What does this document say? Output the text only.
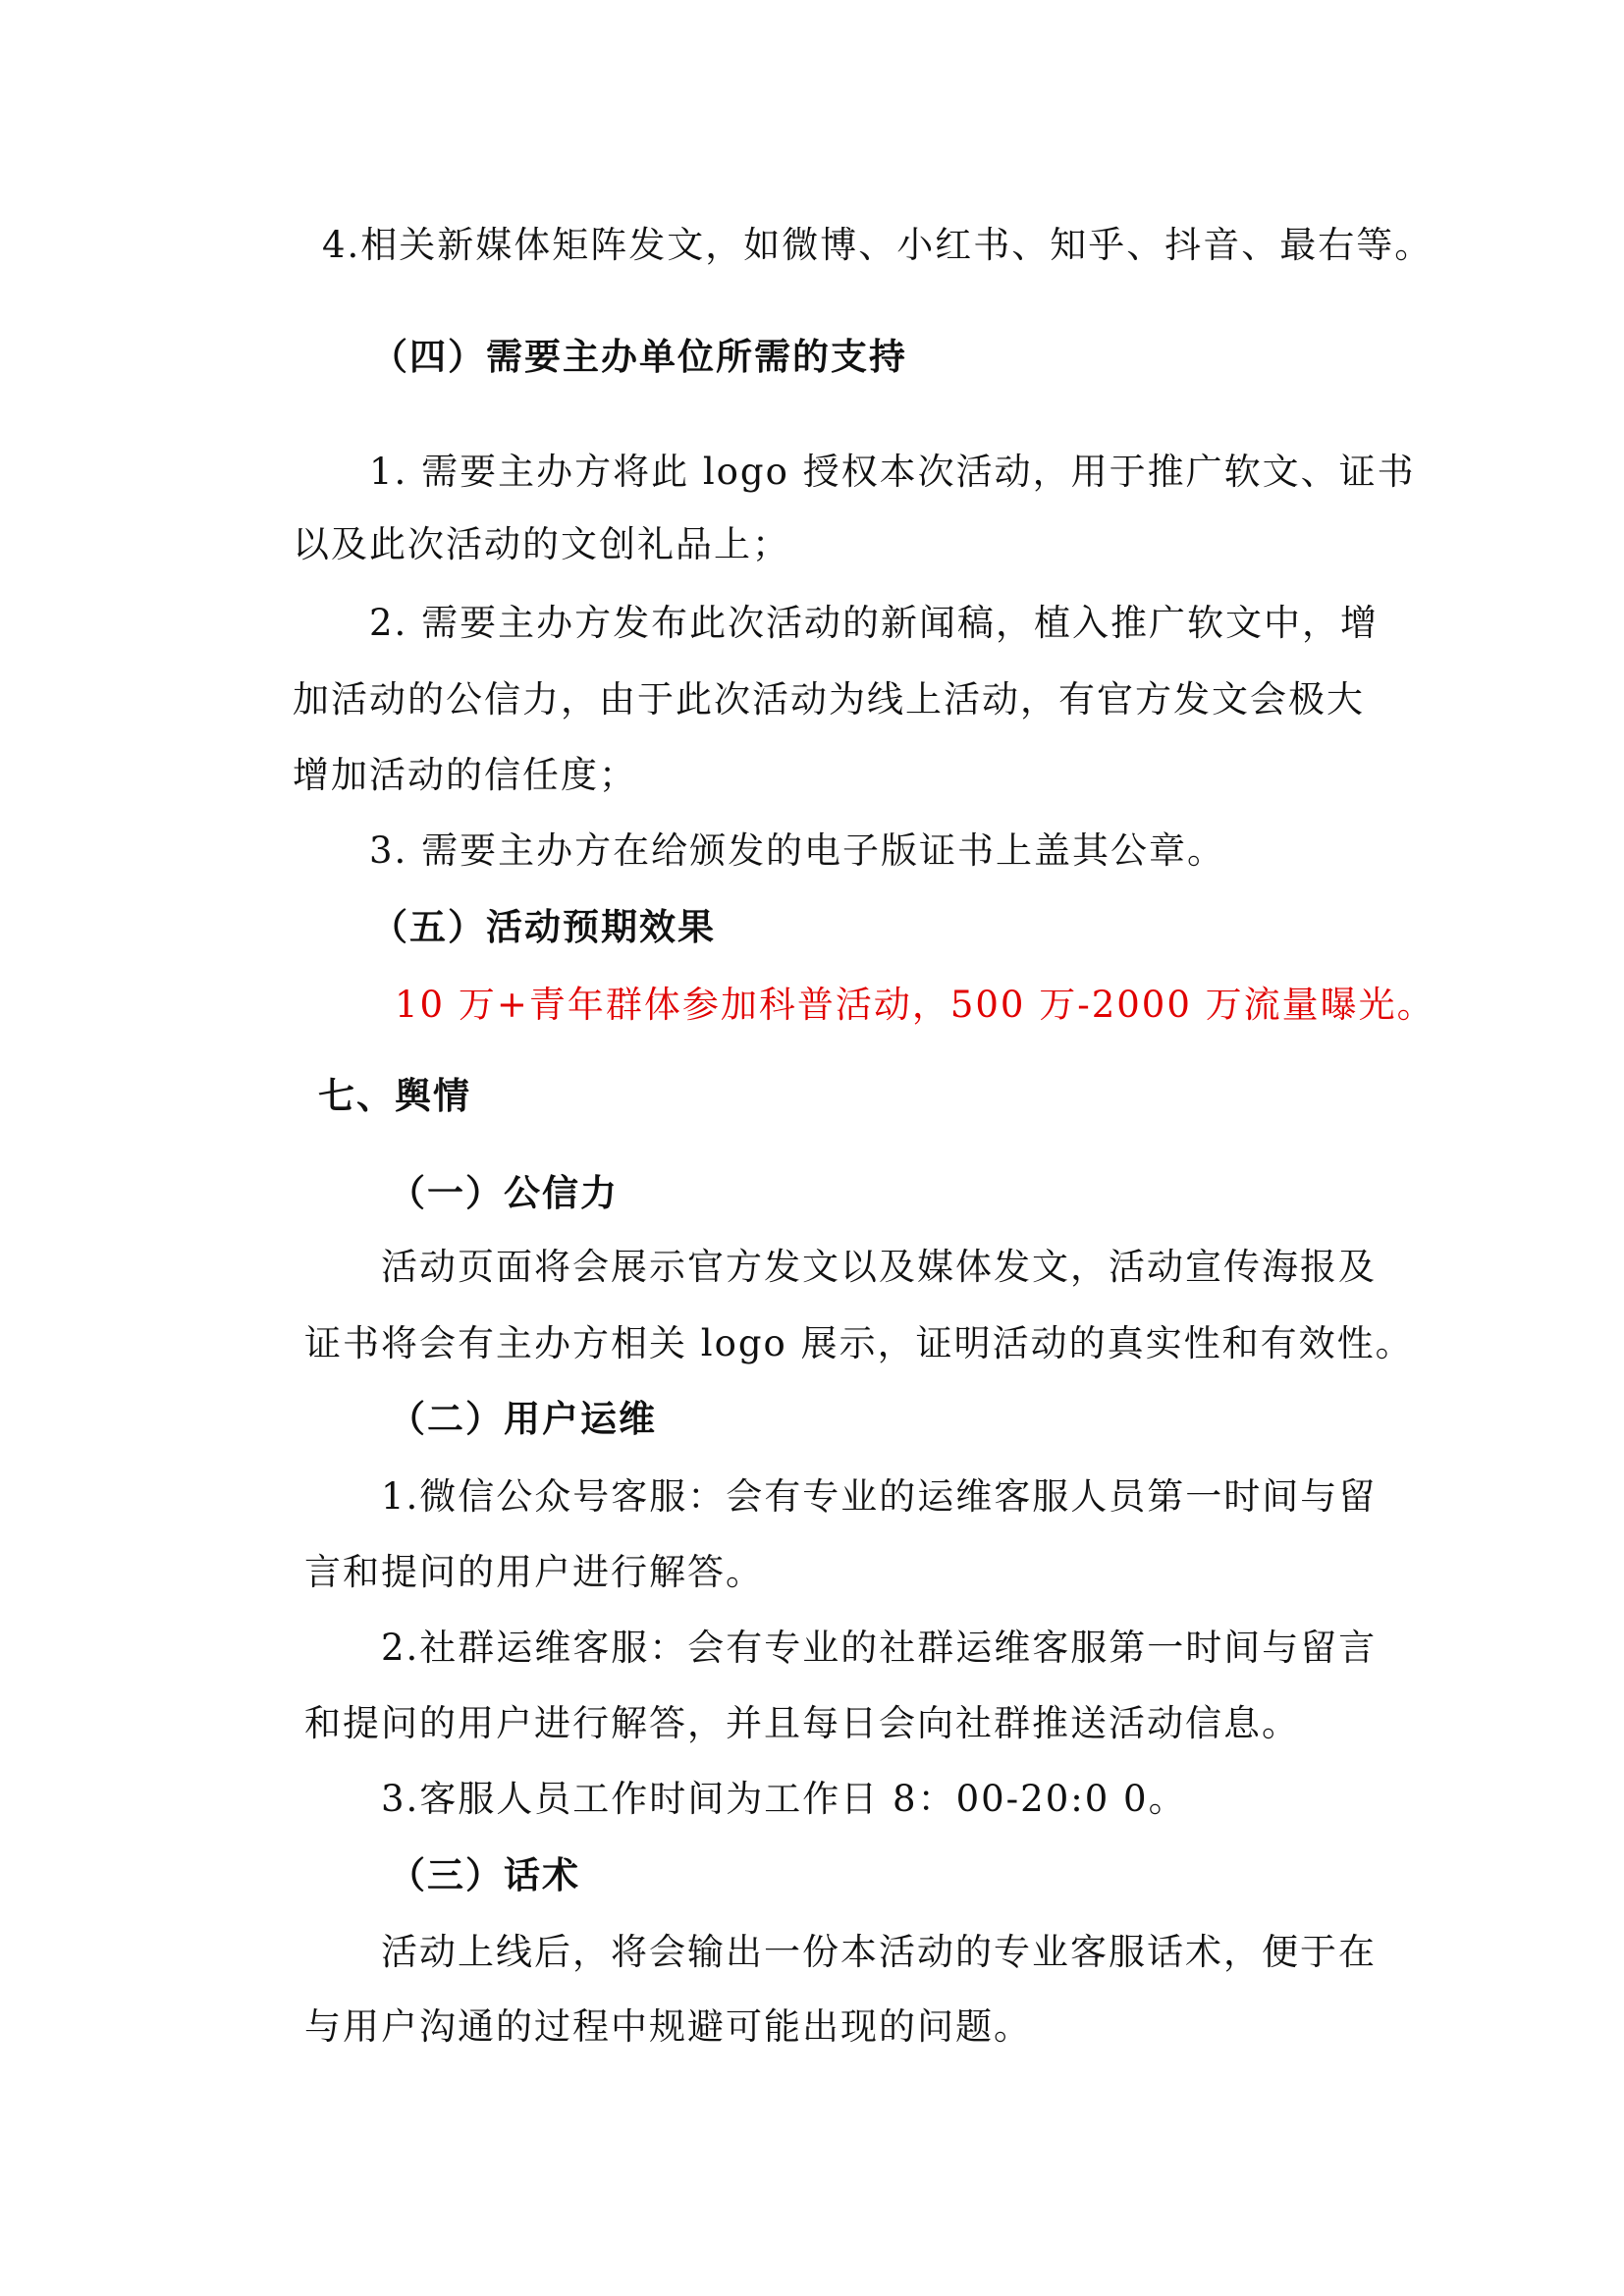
4.相关新媒体矩阵发文，如微博、小红书、知乎、抖音、最右等。
（四）需要主办单位所需的支持
1. 需要主办方将此 logo 授权本次活动，用于推广软文、证书
以及此次活动的文创礼品上；
2. 需要主办方发布此次活动的新闻稿，植入推广软文中，增
加活动的公信力，由于此次活动为线上活动，有官方发文会极大
增加活动的信任度；
3. 需要主办方在给颁发的电子版证书上盖其公章。
（五）活动预期效果
10 万+青年群体参加科普活动，500 万-2000 万流量曝光。
七、舆情
（一）公信力
活动页面将会展示官方发文以及媒体发文，活动宣传海报及
证书将会有主办方相关 logo 展示，证明活动的真实性和有效性。
（二）用户运维
1.微信公众号客服：会有专业的运维客服人员第一时间与留
言和提问的用户进行解答。
2.社群运维客服：会有专业的社群运维客服第一时间与留言
和提问的用户进行解答，并且每日会向社群推送活动信息。
3.客服人员工作时间为工作日 8：00-20:0 0。
（三）话术
活动上线后，将会输出一份本活动的专业客服话术，便于在
与用户沟通的过程中规避可能出现的问题。
